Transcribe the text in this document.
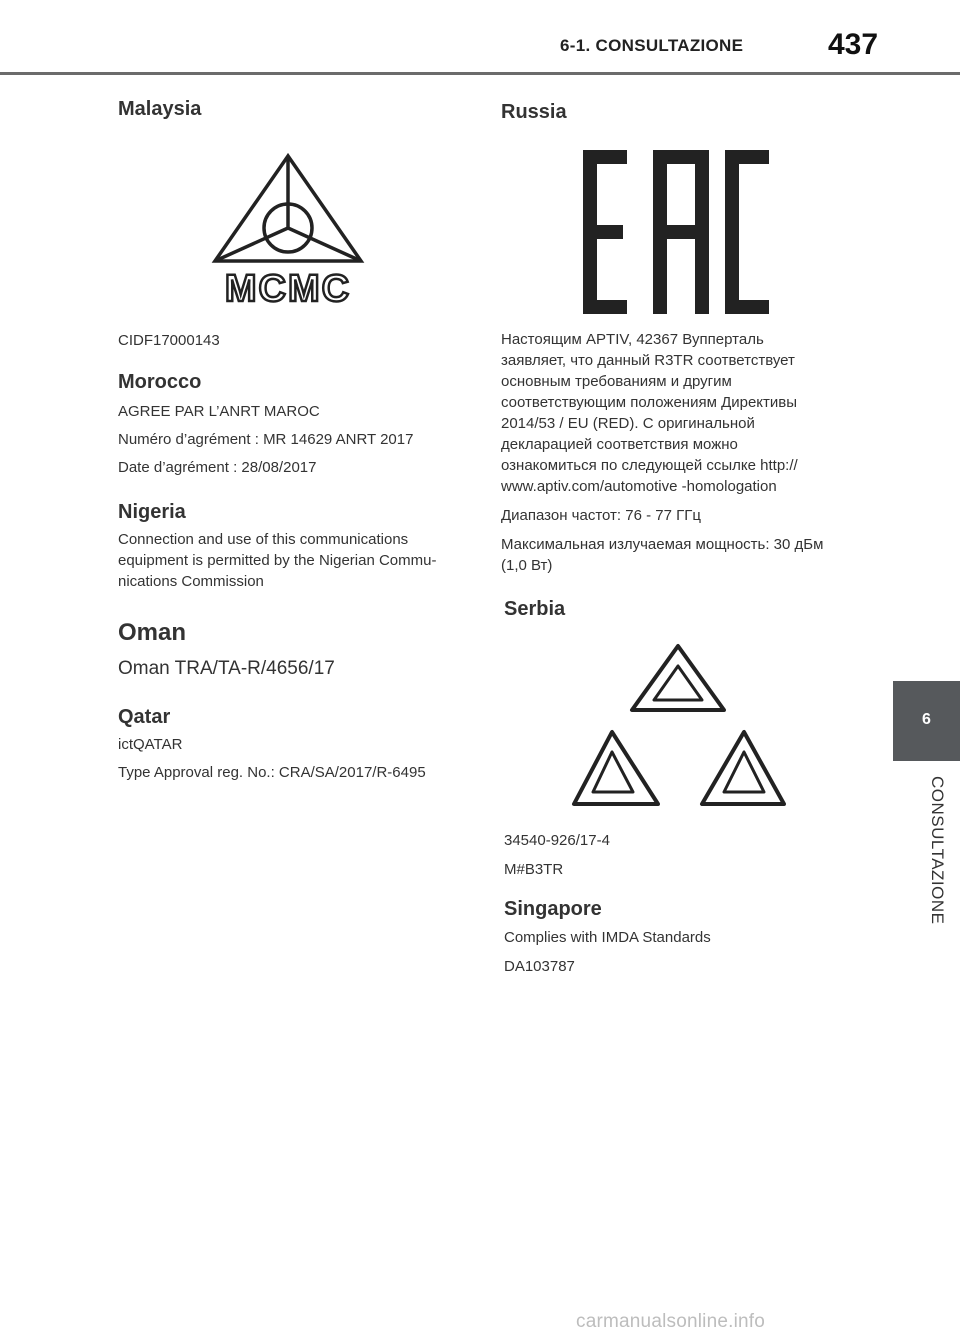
6-1. CONSULTAZIONE	437
Malaysia
MCMC

CIDF17000143

Morocco

AGREE PAR L’ANRT MAROC

Numéro d’agrément : MR 14629 ANRT 2017

Date d’agrément : 28/08/2017

Nigeria

Connection and use of this communications

equipment is permitted by the Nigerian Commu-

nications Commission

Oman

Oman TRA/TA-R/4656/17

Qatar

ictQATAR

Type Approval reg. No.: CRA/SA/2017/R-6495

Russia

Настоящим APTIV, 42367 Вупперталь

заявляет, что данный R3TR соответствует

основным требованиям и другим

соответствующим положениям Директивы

2014/53 / EU (RED). С оригинальной

декларацией соответствия можно

ознакомиться по следующей ссылке http://

www.aptiv.com/automotive -homologation

Диапазон частот: 76 - 77 ГГц

Максимальная излучаемая мощность: 30 дБм

(1,0 Вт)

Serbia

34540-926/17-4

M#B3TR

Singapore

Complies with IMDA Standards

DA103787

6
CONSULTAZIONE
carmanualsonline.info
